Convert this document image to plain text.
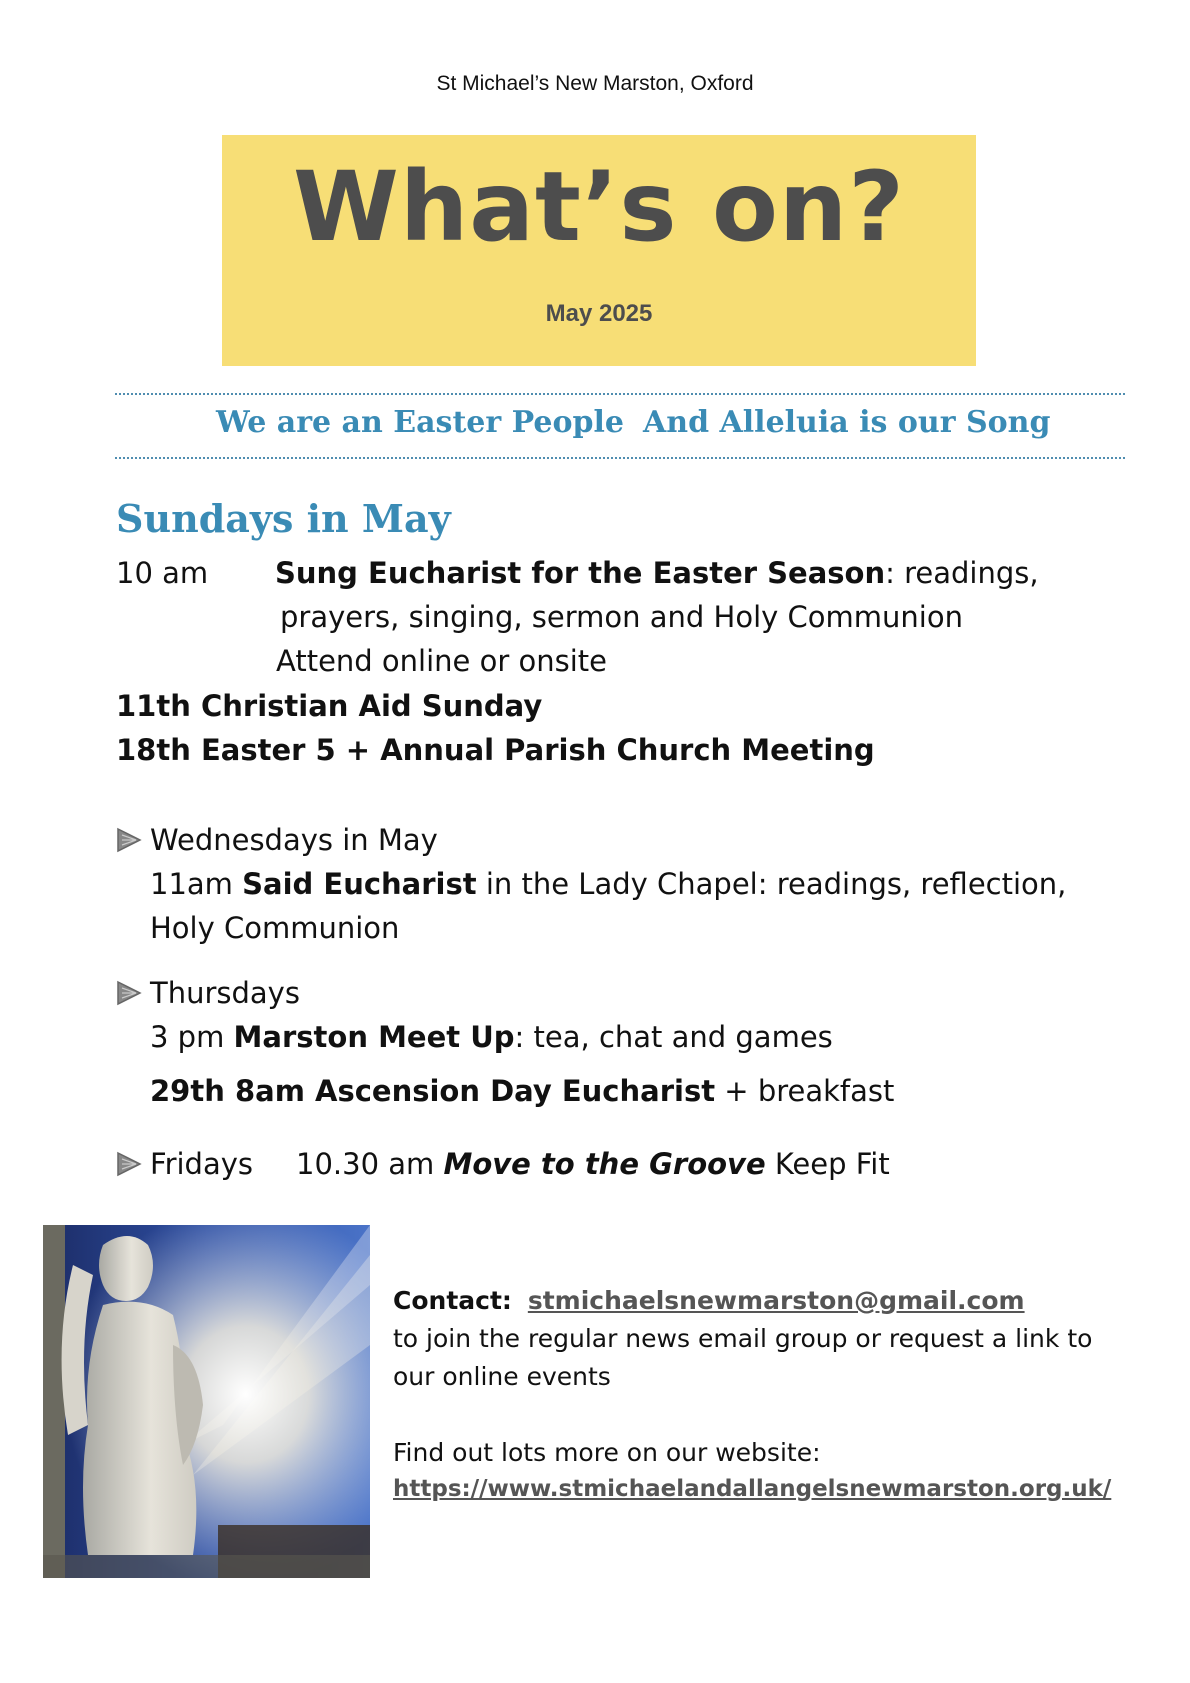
St Michael’s New Marston, Oxford
What’s on?
May 2025
We are an Easter People And Alleluia is our Song
Sundays in May
10 am Sung Eucharist for the Easter Season: readings,
prayers, singing, sermon and Holy Communion
Attend online or onsite
11th Christian Aid Sunday
18th Easter 5 + Annual Parish Church Meeting
Wednesdays in May
11am Said Eucharist in the Lady Chapel: readings, reflection,
Holy Communion
Thursdays
3 pm Marston Meet Up: tea, chat and games
29th 8am Ascension Day Eucharist + breakfast
Fridays 10.30 am Move to the Groove Keep Fit
Contact: stmichaelsnewmarston@gmail.com
to join the regular news email group or request a link to
our online events
Find out lots more on our website:
https://www.stmichaelandallangelsnewmarston.org.uk/
